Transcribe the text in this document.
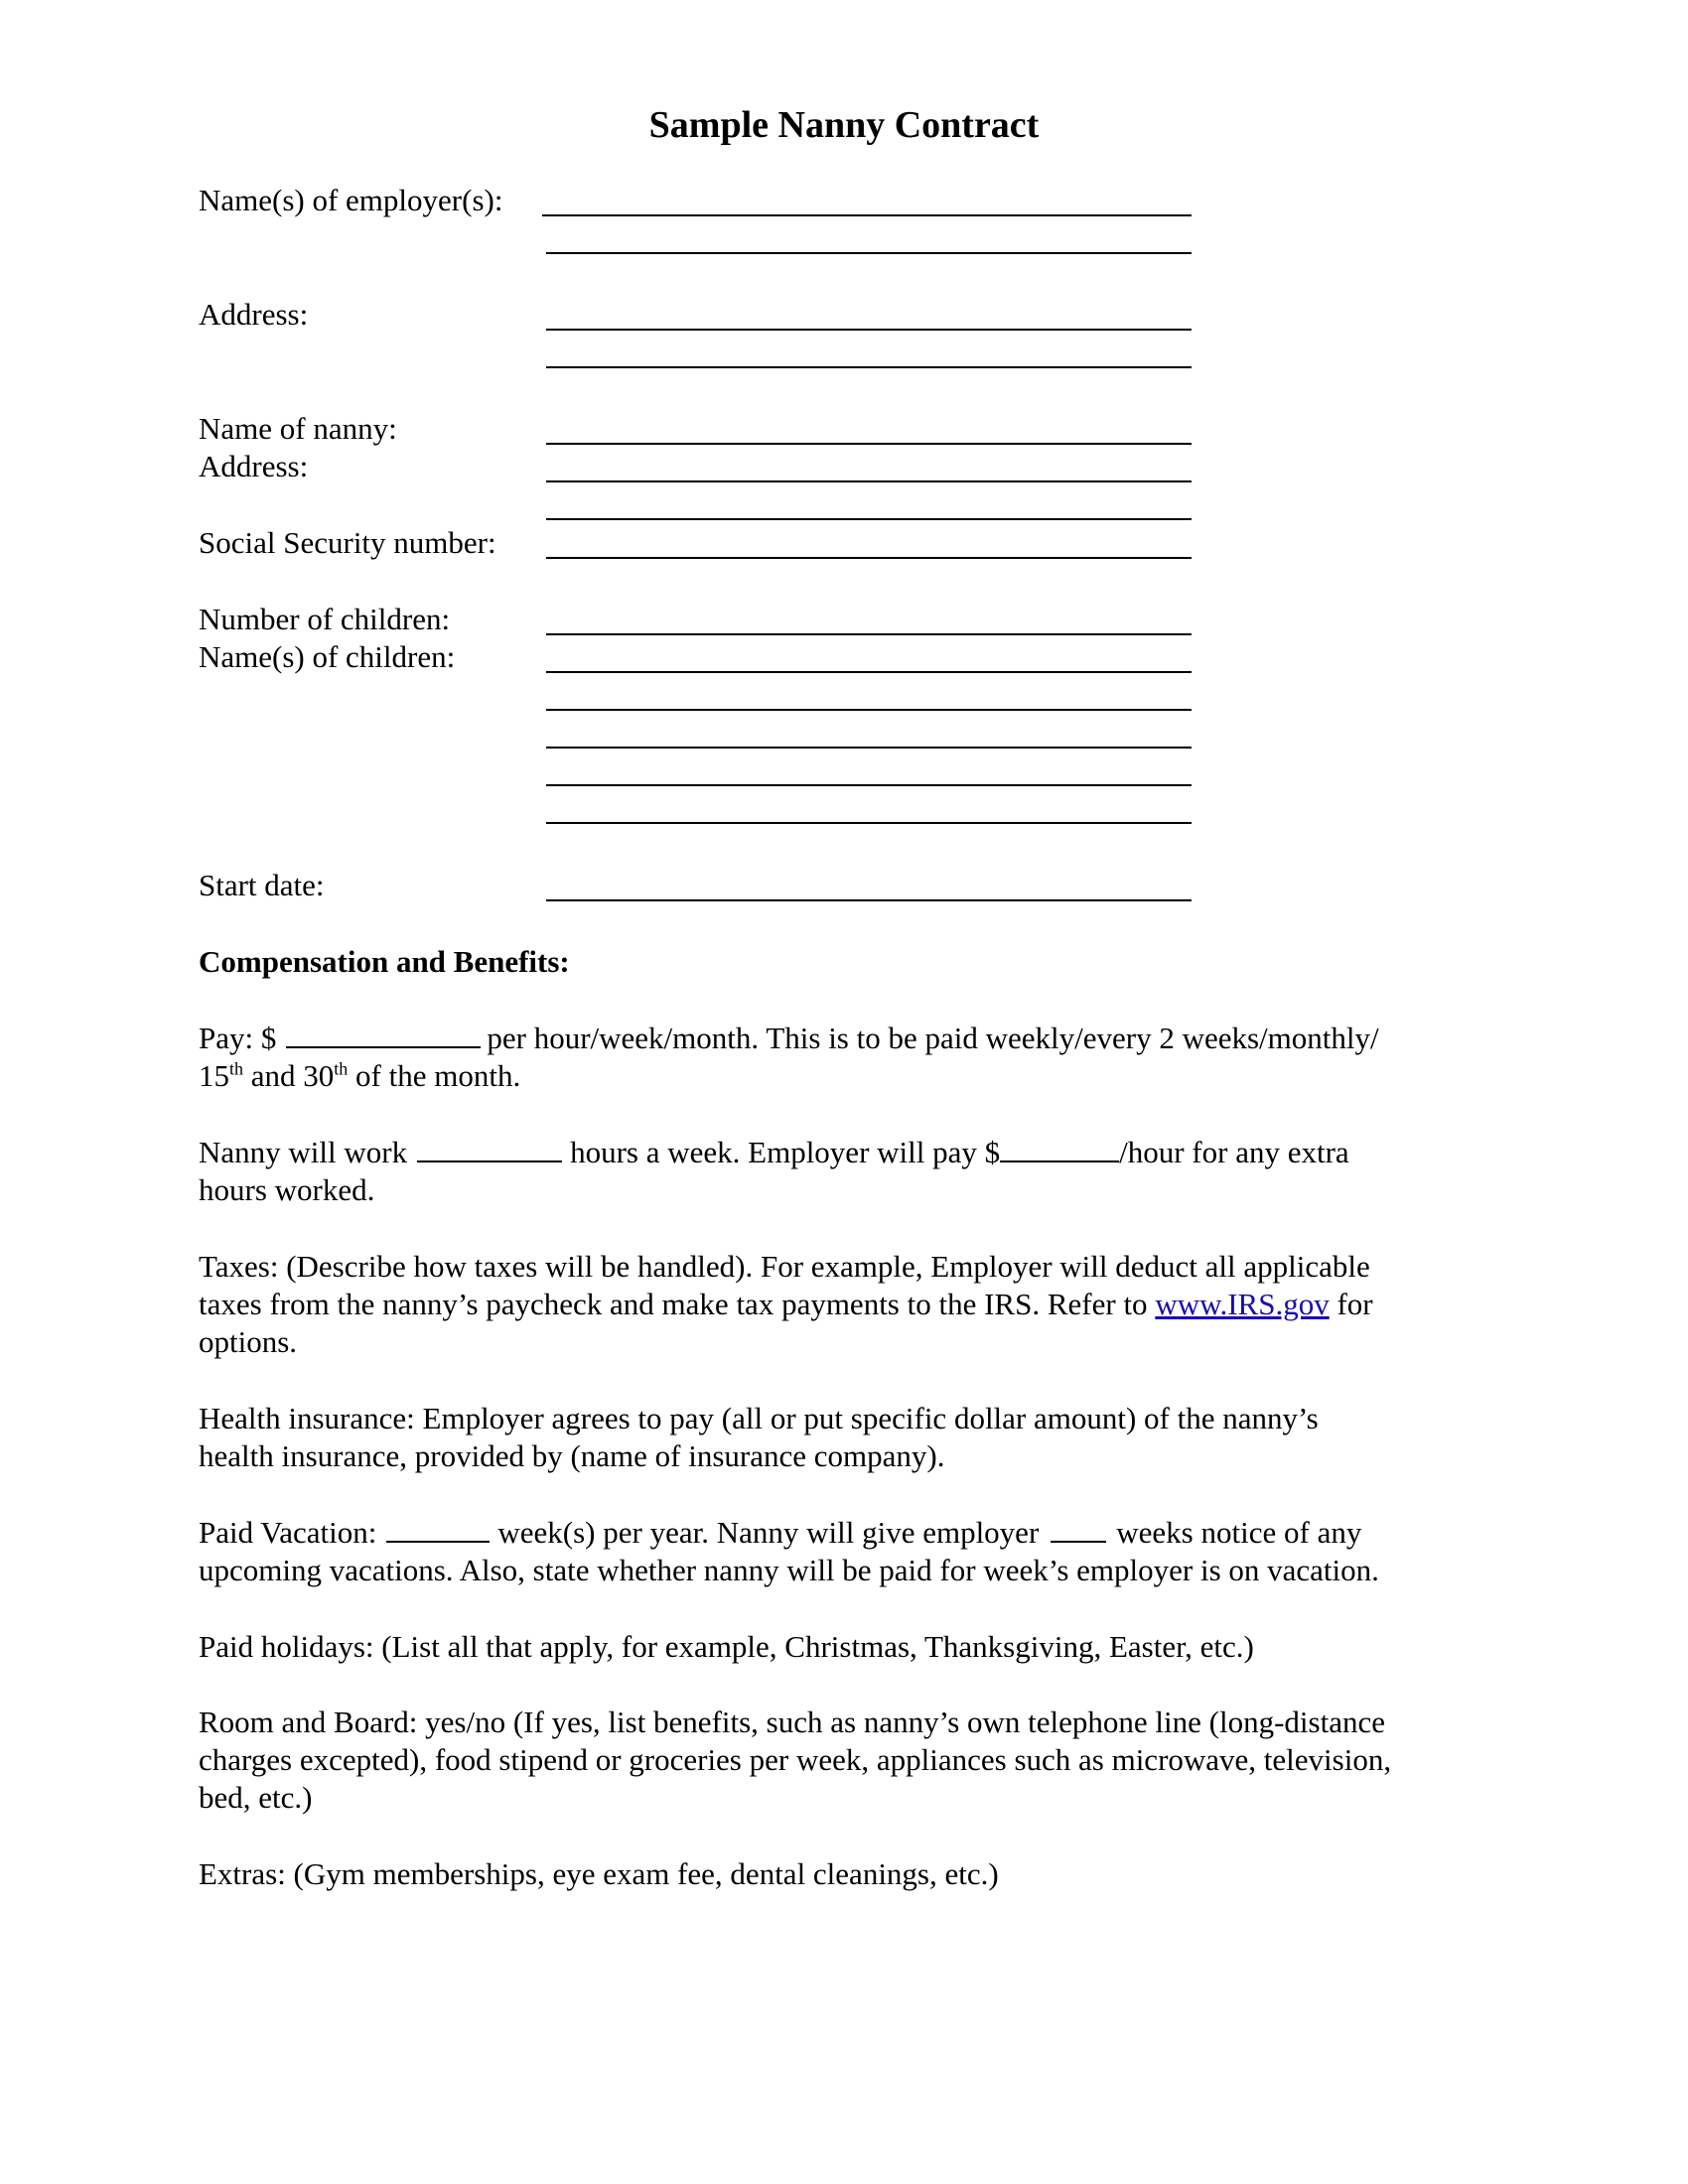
Sample Nanny Contract
Name(s) of employer(s):
Address:
Name of nanny:
Address:
Social Security number:
Number of children:
Name(s) of children:
Start date:
Compensation and Benefits:
Pay: $	per hour/week/month. This is to be paid weekly/every 2 weeks/monthly/
15th and 30th of the month.
Nanny will work	hours a week. Employer will pay $	/hour for any extra
hours worked.
Taxes: (Describe how taxes will be handled). For example, Employer will deduct all applicable
taxes from the nanny’s paycheck and make tax payments to the IRS. Refer to www.IRS.gov for
options.
Health insurance: Employer agrees to pay (all or put specific dollar amount) of the nanny’s
health insurance, provided by (name of insurance company).
Paid Vacation:	week(s) per year. Nanny will give employer	weeks notice of any
upcoming vacations. Also, state whether nanny will be paid for week’s employer is on vacation.
Paid holidays: (List all that apply, for example, Christmas, Thanksgiving, Easter, etc.)
Room and Board: yes/no (If yes, list benefits, such as nanny’s own telephone line (long-distance
charges excepted), food stipend or groceries per week, appliances such as microwave, television,
bed, etc.)
Extras: (Gym memberships, eye exam fee, dental cleanings, etc.)
